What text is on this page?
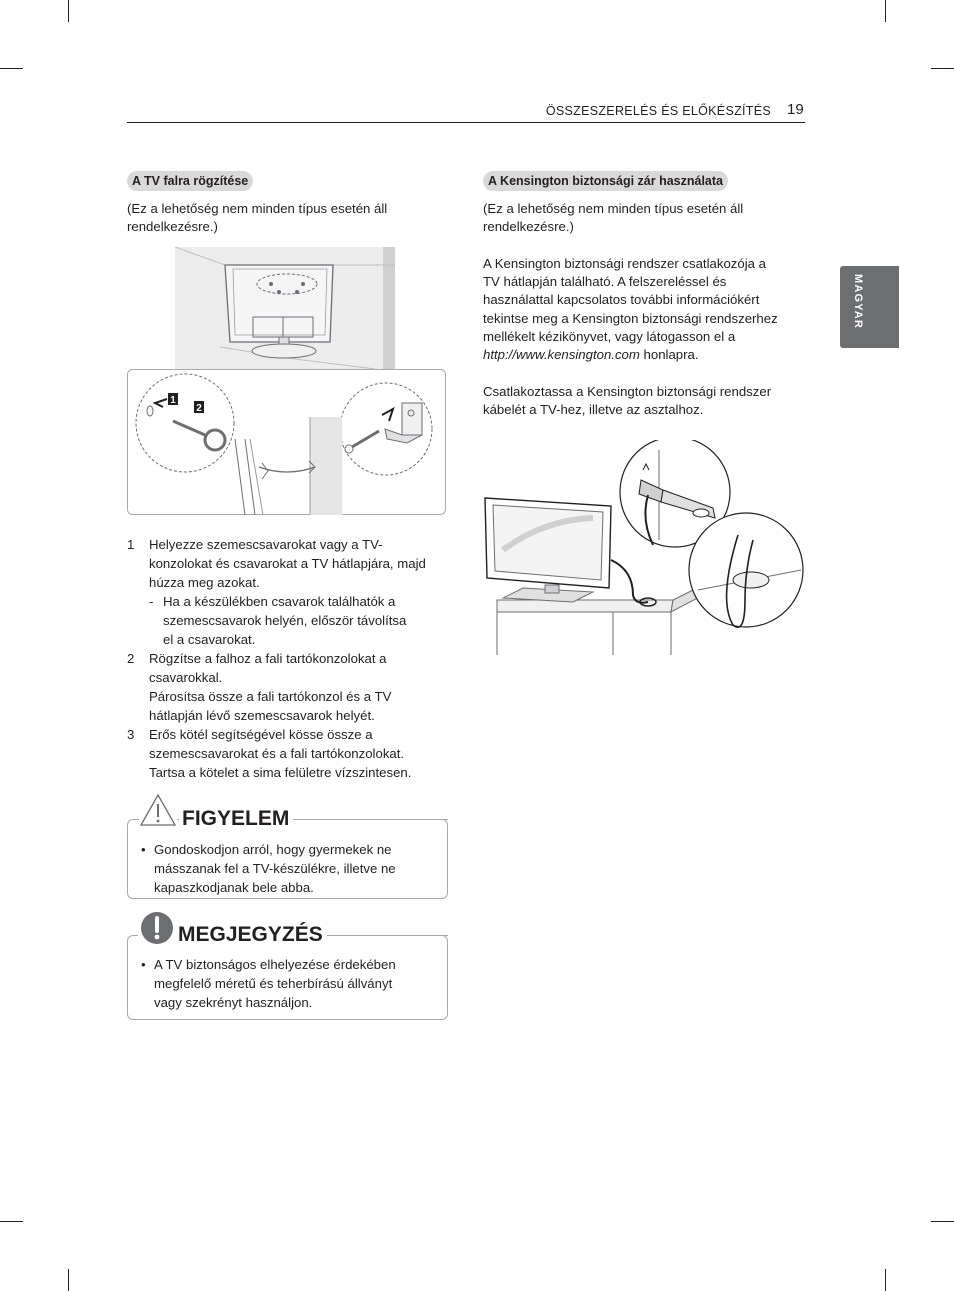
ÖSSZESZERELÉS ÉS ELŐKÉSZÍTÉS 19
MAGYAR
A TV falra rögzítése

(Ez a lehetőség nem minden típus esetén áll

rendelkezésre.)

1
2
1	Helyezze szemescsavarokat vagy a TV-
konzolokat és csavarokat a TV hátlapjára, majd
húzza meg azokat.
- Ha a készülékben csavarok találhatók a
szemescsavarok helyén, először távolítsa
el a csavarokat.
2	Rögzítse a falhoz a fali tartókonzolokat a
csavarokkal.
Párosítsa össze a fali tartókonzol és a TV
hátlapján lévő szemescsavarok helyét.
3	Erős kötél segítségével kösse össze a
szemescsavarokat és a fali tartókonzolokat.
Tartsa a kötelet a sima felületre vízszintesen.
FIGYELEM
• Gondoskodjon arról, hogy gyermekek ne
másszanak fel a TV-készülékre, illetve ne
kapaszkodjanak bele abba.
MEGJEGYZÉS
• A TV biztonságos elhelyezése érdekében
megfelelő méretű és teherbírású állványt
vagy szekrényt használjon.
A Kensington biztonsági zár használata

(Ez a lehetőség nem minden típus esetén áll

rendelkezésre.)

A Kensington biztonsági rendszer csatlakozója a

TV hátlapján található. A felszereléssel és

használattal kapcsolatos további információkért

tekintse meg a Kensington biztonsági rendszerhez

mellékelt kézikönyvet, vagy látogasson el a

http://www.kensington.com honlapra.

Csatlakoztassa a Kensington biztonsági rendszer

kábelét a TV-hez, illetve az asztalhoz.
